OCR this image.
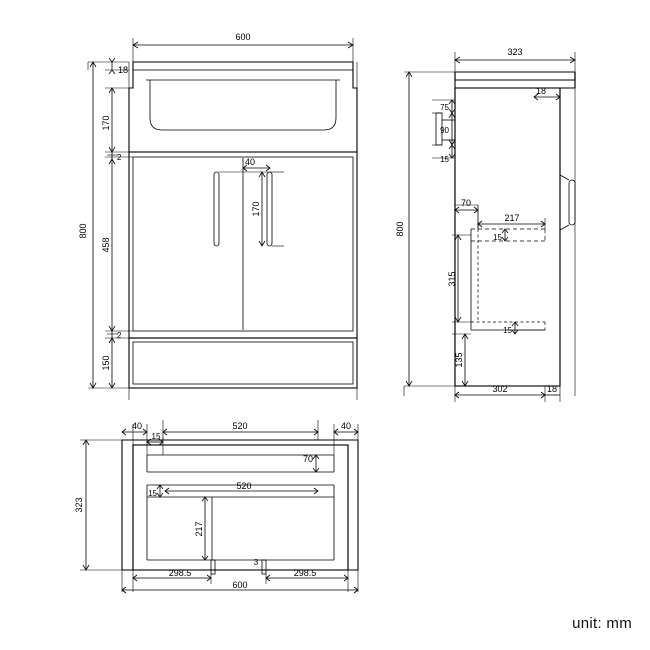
800
18
170
2
458
2
150
600
40
170
323
18
75
90
15
800
70
217
15
315
15
135
302	18
40
15
520	40
70
15
520
217
323
298.5	298.5
3
600
unit: mm
